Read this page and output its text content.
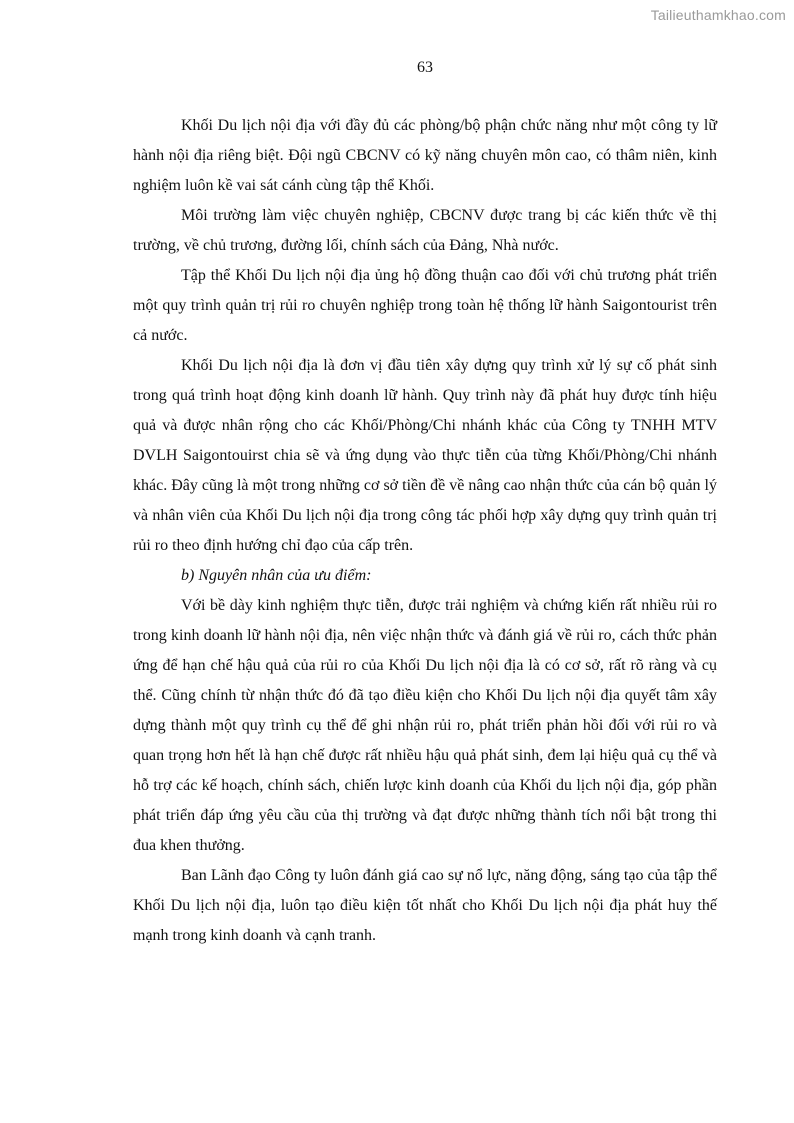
Tailieuthamkhao.com
63

Khối Du lịch nội địa với đầy đủ các phòng/bộ phận chức năng như một công ty lữ hành nội địa riêng biệt. Đội ngũ CBCNV có kỹ năng chuyên môn cao, có thâm niên, kinh nghiệm luôn kề vai sát cánh cùng tập thể Khối.

Môi trường làm việc chuyên nghiệp, CBCNV được trang bị các kiến thức về thị trường, về chủ trương, đường lối, chính sách của Đảng, Nhà nước.

Tập thể Khối Du lịch nội địa ủng hộ đồng thuận cao đối với chủ trương phát triển một quy trình quản trị rủi ro chuyên nghiệp trong toàn hệ thống lữ hành Saigontourist trên cả nước.

Khối Du lịch nội địa là đơn vị đầu tiên xây dựng quy trình xử lý sự cố phát sinh trong quá trình hoạt động kinh doanh lữ hành. Quy trình này đã phát huy được tính hiệu quả và được nhân rộng cho các Khối/Phòng/Chi nhánh khác của Công ty TNHH MTV DVLH Saigontouirst chia sẽ và ứng dụng vào thực tiễn của từng Khối/Phòng/Chi nhánh khác. Đây cũng là một trong những cơ sở tiền đề về nâng cao nhận thức của cán bộ quản lý và nhân viên của Khối Du lịch nội địa trong công tác phối hợp xây dựng quy trình quản trị rủi ro theo định hướng chỉ đạo của cấp trên.

b) Nguyên nhân của ưu điểm:

Với bề dày kinh nghiệm thực tiễn, được trải nghiệm và chứng kiến rất nhiều rủi ro trong kinh doanh lữ hành nội địa, nên việc nhận thức và đánh giá về rủi ro, cách thức phản ứng để hạn chế hậu quả của rủi ro của Khối Du lịch nội địa là có cơ sở, rất rõ ràng và cụ thể. Cũng chính từ nhận thức đó đã tạo điều kiện cho Khối Du lịch nội địa quyết tâm xây dựng thành một quy trình cụ thể để ghi nhận rủi ro, phát triển phản hồi đối với rủi ro và quan trọng hơn hết là hạn chế được rất nhiều hậu quả phát sinh, đem lại hiệu quả cụ thể và hỗ trợ các kế hoạch, chính sách, chiến lược kinh doanh của Khối du lịch nội địa, góp phần phát triển đáp ứng yêu cầu của thị trường và đạt được những thành tích nổi bật trong thi đua khen thưởng.

Ban Lãnh đạo Công ty luôn đánh giá cao sự nổ lực, năng động, sáng tạo của tập thể Khối Du lịch nội địa, luôn tạo điều kiện tốt nhất cho Khối Du lịch nội địa phát huy thế mạnh trong kinh doanh và cạnh tranh.
